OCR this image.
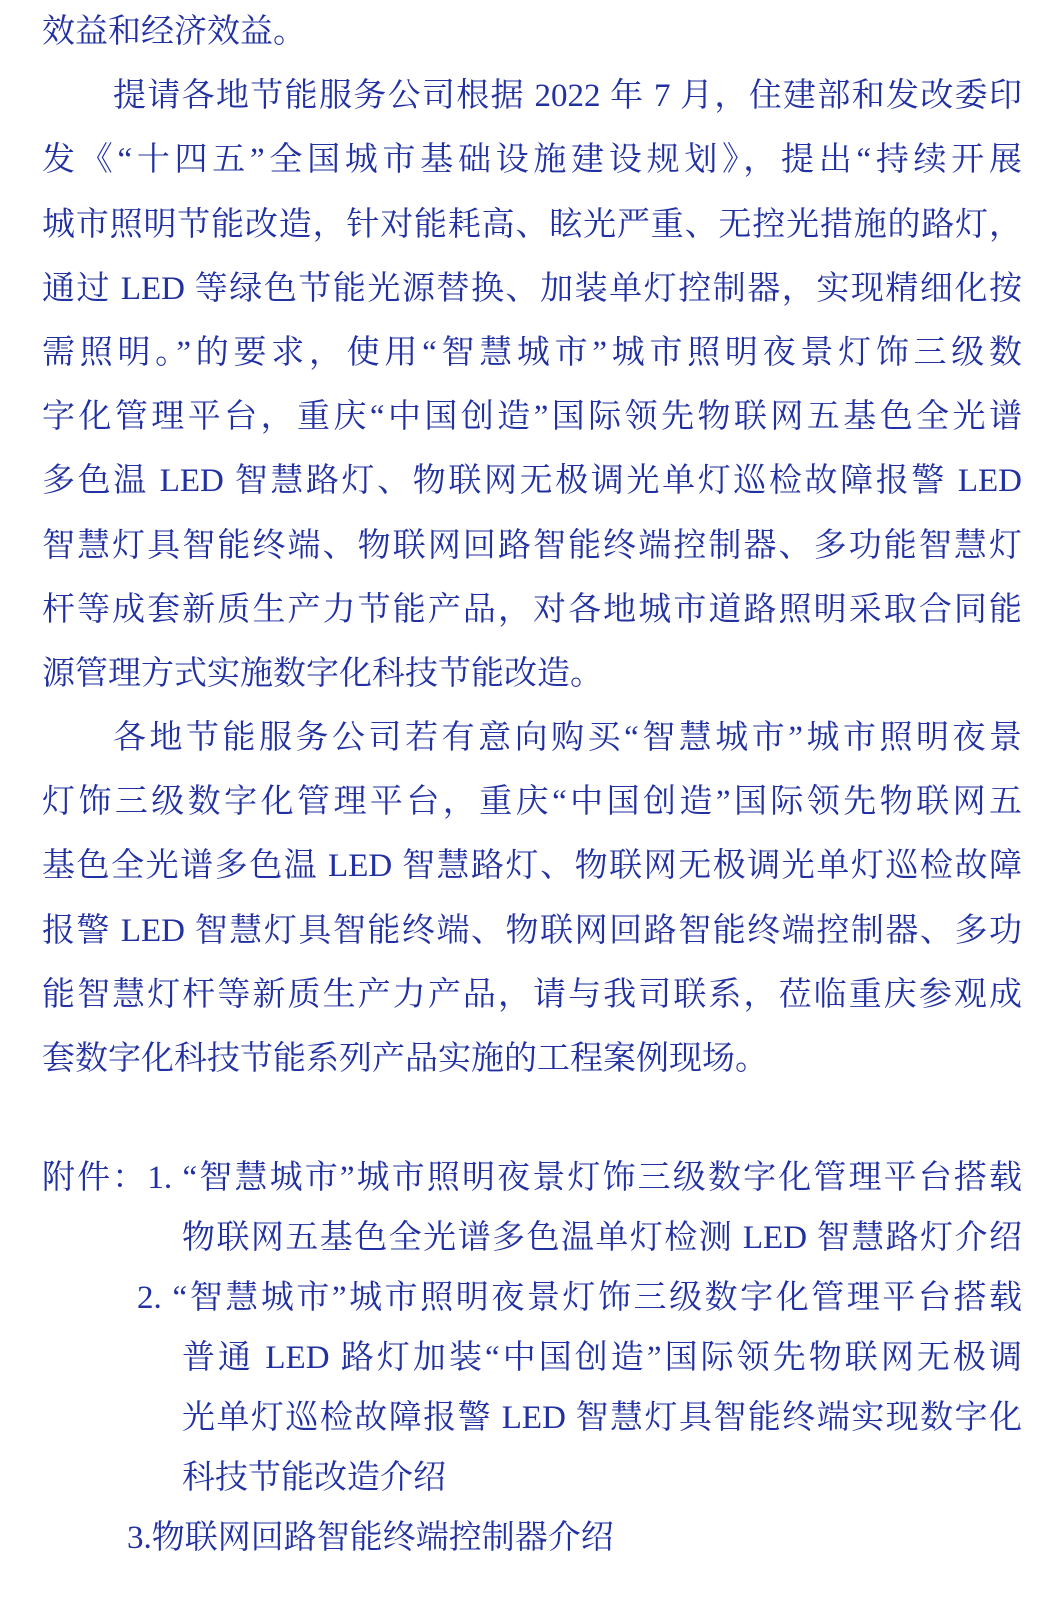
效益和经济效益。
提请各地节能服务公司根据 2022 年 7 月，住建部和发改委印
发《“十四五”全国城市基础设施建设规划》，提出“持续开展
城市照明节能改造，针对能耗高、眩光严重、无控光措施的路灯，
通过 LED 等绿色节能光源替换、加装单灯控制器，实现精细化按
需照明。”的要求，使用“智慧城市”城市照明夜景灯饰三级数
字化管理平台，重庆“中国创造”国际领先物联网五基色全光谱
多色温 LED 智慧路灯、物联网无极调光单灯巡检故障报警 LED
智慧灯具智能终端、物联网回路智能终端控制器、多功能智慧灯
杆等成套新质生产力节能产品，对各地城市道路照明采取合同能
源管理方式实施数字化科技节能改造。
各地节能服务公司若有意向购买“智慧城市”城市照明夜景
灯饰三级数字化管理平台，重庆“中国创造”国际领先物联网五
基色全光谱多色温 LED 智慧路灯、物联网无极调光单灯巡检故障
报警 LED 智慧灯具智能终端、物联网回路智能终端控制器、多功
能智慧灯杆等新质生产力产品，请与我司联系，莅临重庆参观成
套数字化科技节能系列产品实施的工程案例现场。
附件：1. “智慧城市”城市照明夜景灯饰三级数字化管理平台搭载
物联网五基色全光谱多色温单灯检测 LED 智慧路灯介绍
2. “智慧城市”城市照明夜景灯饰三级数字化管理平台搭载
普通 LED 路灯加装“中国创造”国际领先物联网无极调
光单灯巡检故障报警 LED 智慧灯具智能终端实现数字化
科技节能改造介绍
3.物联网回路智能终端控制器介绍
